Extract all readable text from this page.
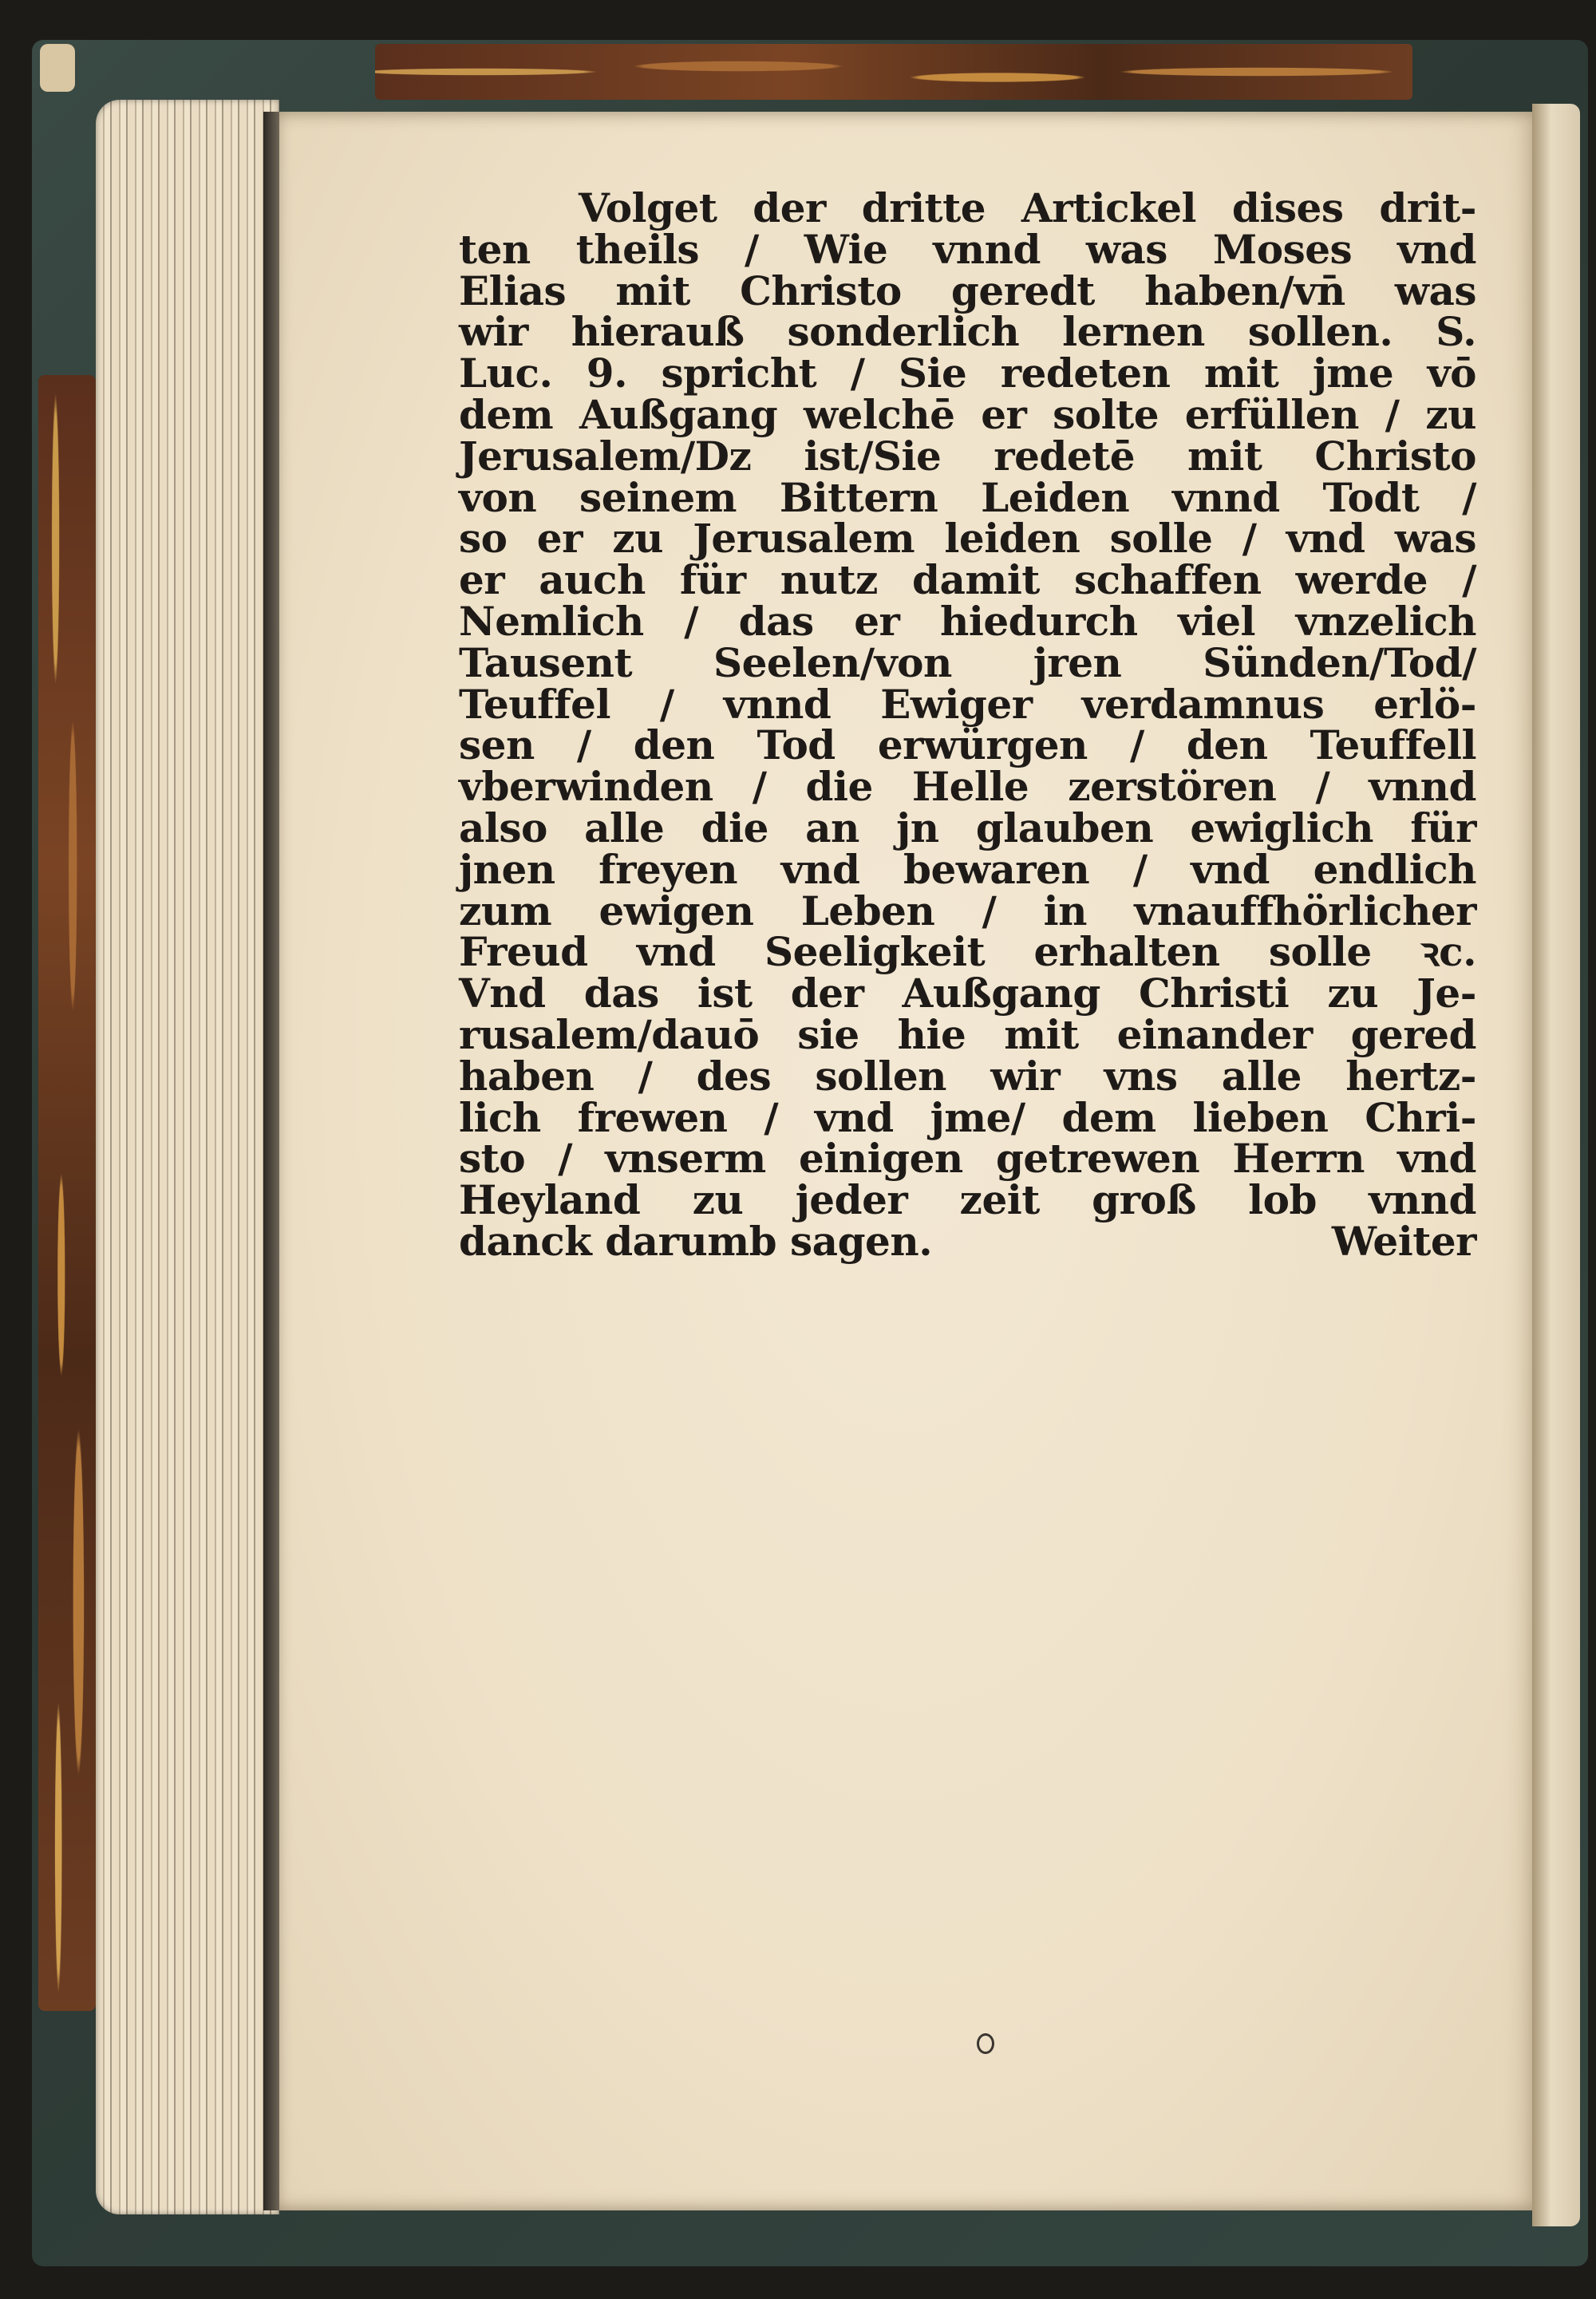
Volget der dritte Artickel dises drit-
ten theils / Wie vnnd was Moses vnd
Elias mit Christo geredt haben/vn̄ was
wir hierauß sonderlich lernen sollen. S.
Luc. 9. spricht / Sie redeten mit jme vō
dem Außgang welchē er solte erfüllen / zu
Jerusalem/Dz ist/Sie redetē mit Christo
von seinem Bittern Leiden vnnd Todt /
so er zu Jerusalem leiden solle / vnd was
er auch für nutz damit schaffen werde /
Nemlich / das er hiedurch viel vnzelich
Tausent Seelen/von jren Sünden/Tod/
Teuffel / vnnd Ewiger verdamnus erlö-
sen / den Tod erwürgen / den Teuffell
vberwinden / die Helle zerstören / vnnd
also alle die an jn glauben ewiglich für
jnen freyen vnd bewaren / vnd endlich
zum ewigen Leben / in vnauffhörlicher
Freud vnd Seeligkeit erhalten solle ꝛc.
Vnd das ist der Außgang Christi zu Je-
rusalem/dauō sie hie mit einander gered
haben / des sollen wir vns alle hertz-
lich frewen / vnd jme/ dem lieben Chri-
sto / vnserm einigen getrewen Herrn vnd
Heyland zu jeder zeit groß lob vnnd
danck darumb sagen.	Weiter
